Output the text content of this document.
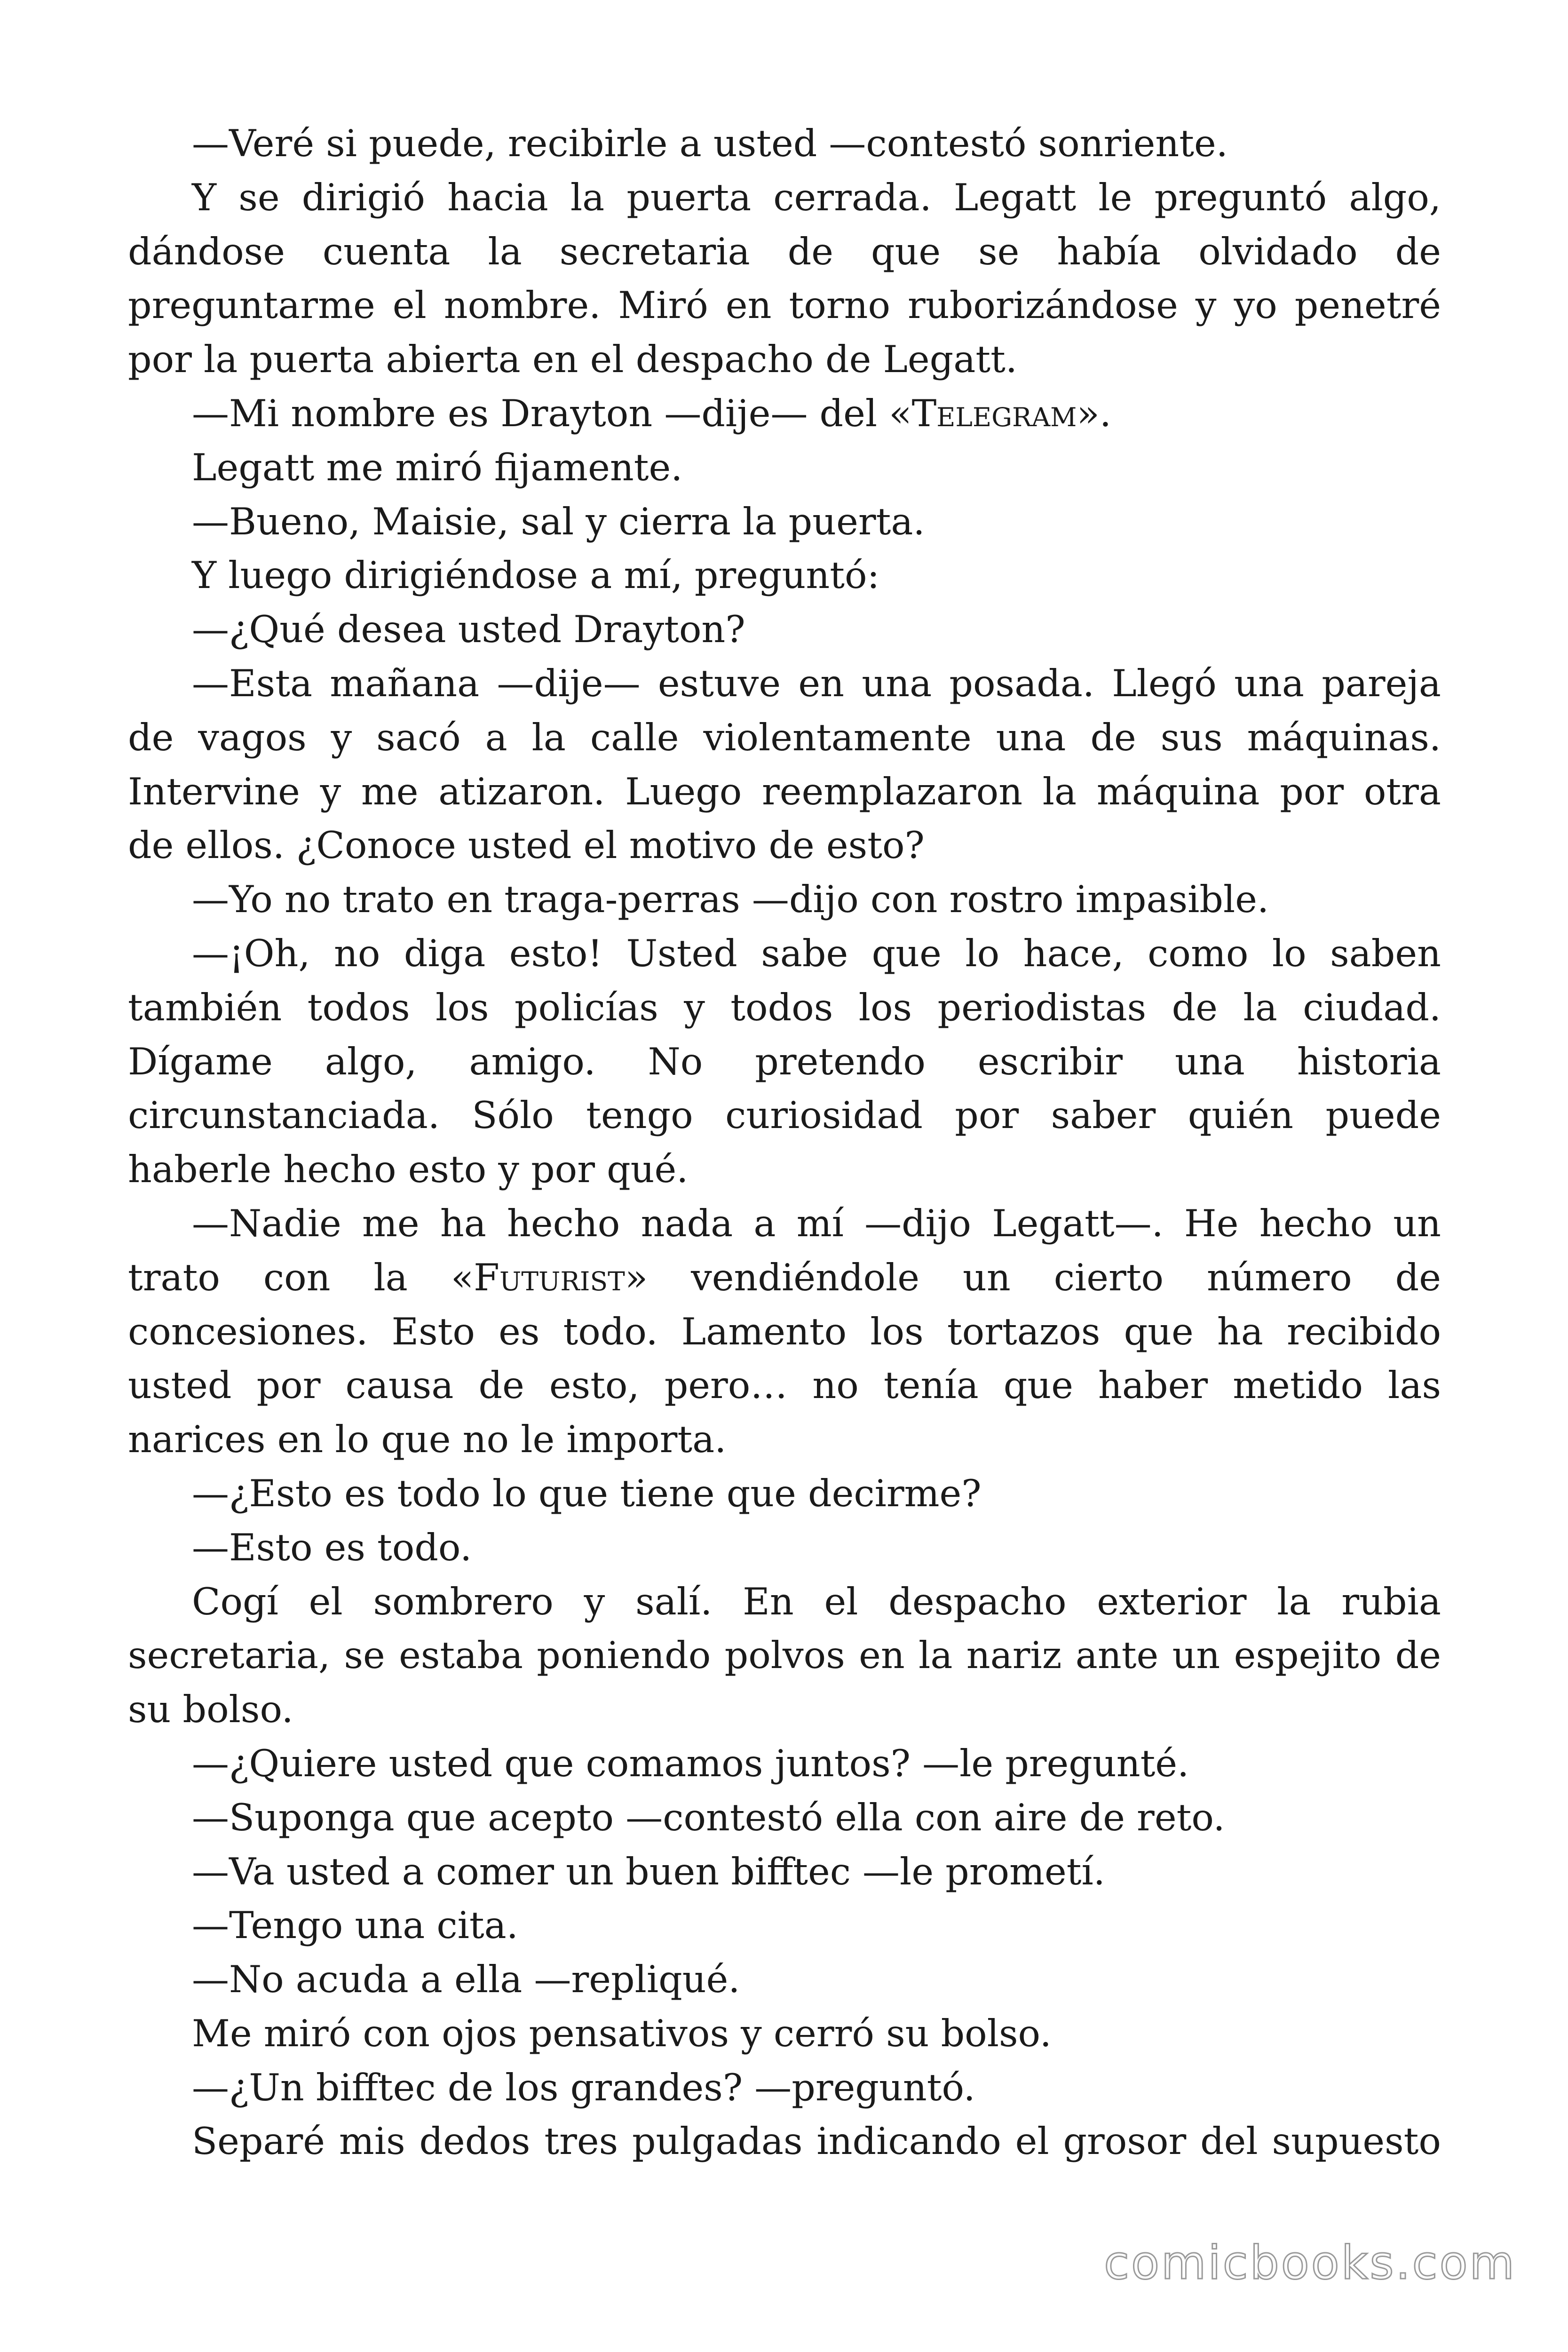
—Veré si puede, recibirle a usted —contestó sonriente.
Y se dirigió hacia la puerta cerrada. Legatt le preguntó algo,
dándose cuenta la secretaria de que se había olvidado de
preguntarme el nombre. Miró en torno ruborizándose y yo penetré
por la puerta abierta en el despacho de Legatt.
—Mi nombre es Drayton —dije— del «Telegram».
Legatt me miró fijamente.
—Bueno, Maisie, sal y cierra la puerta.
Y luego dirigiéndose a mí, preguntó:
—¿Qué desea usted Drayton?
—Esta mañana —dije— estuve en una posada. Llegó una pareja
de vagos y sacó a la calle violentamente una de sus máquinas.
Intervine y me atizaron. Luego reemplazaron la máquina por otra
de ellos. ¿Conoce usted el motivo de esto?
—Yo no trato en traga-perras —dijo con rostro impasible.
—¡Oh, no diga esto! Usted sabe que lo hace, como lo saben
también todos los policías y todos los periodistas de la ciudad.
Dígame algo, amigo. No pretendo escribir una historia
circunstanciada. Sólo tengo curiosidad por saber quién puede
haberle hecho esto y por qué.
—Nadie me ha hecho nada a mí —dijo Legatt—. He hecho un
trato con la «Futurist» vendiéndole un cierto número de
concesiones. Esto es todo. Lamento los tortazos que ha recibido
usted por causa de esto, pero… no tenía que haber metido las
narices en lo que no le importa.
—¿Esto es todo lo que tiene que decirme?
—Esto es todo.
Cogí el sombrero y salí. En el despacho exterior la rubia
secretaria, se estaba poniendo polvos en la nariz ante un espejito de
su bolso.
—¿Quiere usted que comamos juntos? —le pregunté.
—Suponga que acepto —contestó ella con aire de reto.
—Va usted a comer un buen bifftec —le prometí.
—Tengo una cita.
—No acuda a ella —repliqué.
Me miró con ojos pensativos y cerró su bolso.
—¿Un bifftec de los grandes? —preguntó.
Separé mis dedos tres pulgadas indicando el grosor del supuesto
comicbooks.com
